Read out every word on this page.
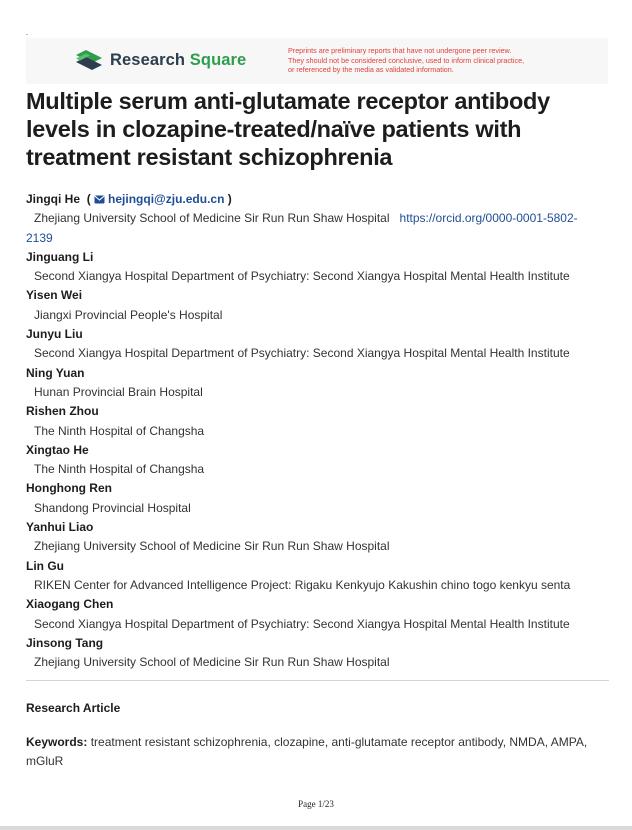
Research Square	Preprints are preliminary reports that have not undergone peer review.
They should not be considered conclusive, used to inform clinical practice,
or referenced by the media as validated information.
Multiple serum anti-glutamate receptor antibody levels in clozapine-treated/naïve patients with treatment resistant schizophrenia
Jingqi He  ( hejingqi@zju.edu.cn )
Zhejiang University School of Medicine Sir Run Run Shaw Hospital https://orcid.org/0000-0001-5802-
2139
Jinguang Li
Second Xiangya Hospital Department of Psychiatry: Second Xiangya Hospital Mental Health Institute
Yisen Wei
Jiangxi Provincial People's Hospital
Junyu Liu
Second Xiangya Hospital Department of Psychiatry: Second Xiangya Hospital Mental Health Institute
Ning Yuan
Hunan Provincial Brain Hospital
Rishen Zhou
The Ninth Hospital of Changsha
Xingtao He
The Ninth Hospital of Changsha
Honghong Ren
Shandong Provincial Hospital
Yanhui Liao
Zhejiang University School of Medicine Sir Run Run Shaw Hospital
Lin Gu
RIKEN Center for Advanced Intelligence Project: Rigaku Kenkyujo Kakushin chino togo kenkyu senta
Xiaogang Chen
Second Xiangya Hospital Department of Psychiatry: Second Xiangya Hospital Mental Health Institute
Jinsong Tang
Zhejiang University School of Medicine Sir Run Run Shaw Hospital
Research Article
Keywords: treatment resistant schizophrenia, clozapine, anti-glutamate receptor antibody, NMDA, AMPA, mGluR
Page 1/23
